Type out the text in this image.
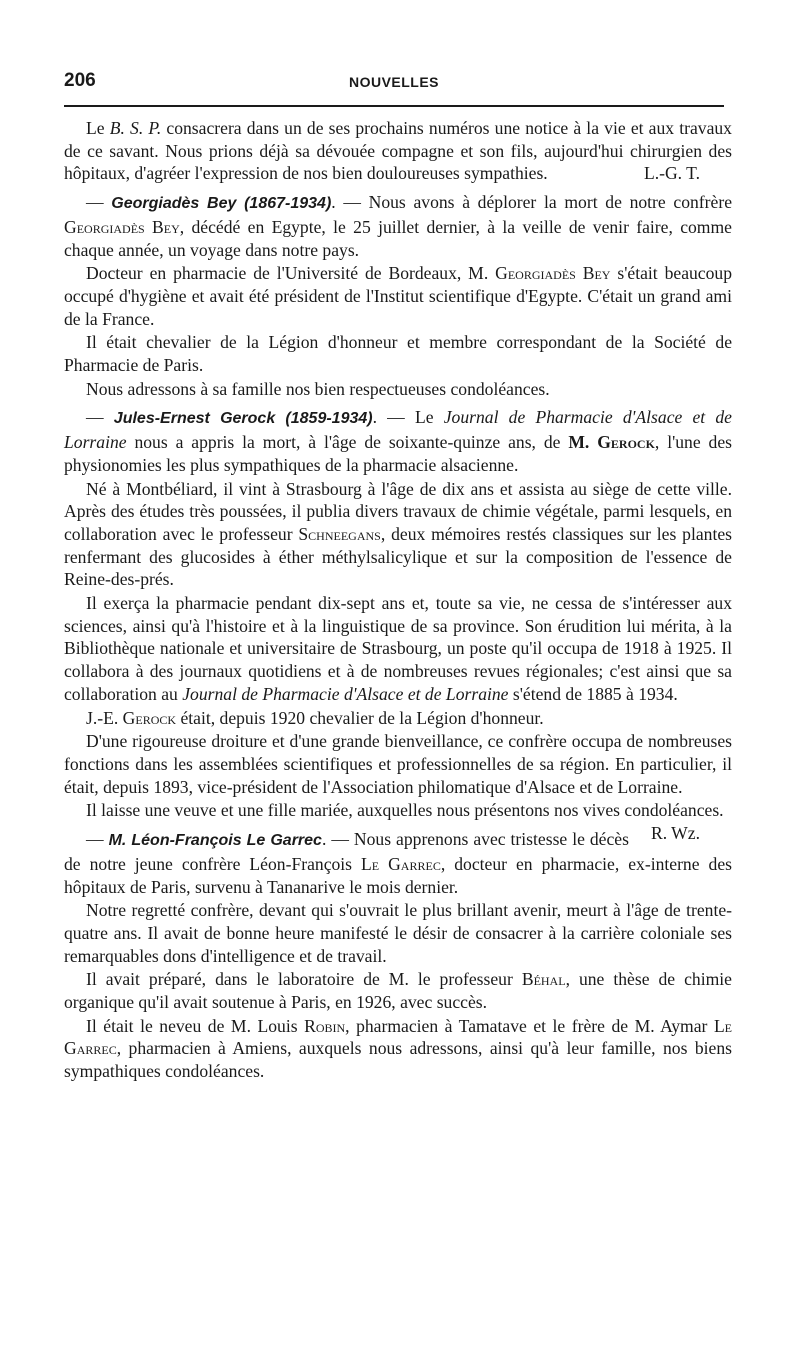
206	NOUVELLES

Le B. S. P. consacrera dans un de ses prochains numéros une notice à la vie et aux travaux de ce savant. Nous prions déjà sa dévouée compagne et son fils, aujourd'hui chirurgien des hôpitaux, d'agréer l'expression de nos bien douloureuses sympathies.	L.-G. T.

— Georgiadès Bey (1867-1934). — Nous avons à déplorer la mort de notre confrère Georgiadès Bey, décédé en Egypte, le 25 juillet dernier, à la veille de venir faire, comme chaque année, un voyage dans notre pays.

Docteur en pharmacie de l'Université de Bordeaux, M. Georgiadès Bey s'était beaucoup occupé d'hygiène et avait été président de l'Institut scientifique d'Egypte. C'était un grand ami de la France.

Il était chevalier de la Légion d'honneur et membre correspondant de la Société de Pharmacie de Paris.

Nous adressons à sa famille nos bien respectueuses condoléances.

— Jules-Ernest Gerock (1859-1934). — Le Journal de Pharmacie d'Alsace et de Lorraine nous a appris la mort, à l'âge de soixante-quinze ans, de M. Gerock, l'une des physionomies les plus sympathiques de la pharmacie alsacienne.

Né à Montbéliard, il vint à Strasbourg à l'âge de dix ans et assista au siège de cette ville. Après des études très poussées, il publia divers travaux de chimie végétale, parmi lesquels, en collaboration avec le professeur Schneegans, deux mémoires restés classiques sur les plantes renfermant des glucosides à éther méthylsalicylique et sur la composition de l'essence de Reine-des-prés.

Il exerça la pharmacie pendant dix-sept ans et, toute sa vie, ne cessa de s'intéresser aux sciences, ainsi qu'à l'histoire et à la linguistique de sa province. Son érudition lui mérita, à la Bibliothèque nationale et universitaire de Strasbourg, un poste qu'il occupa de 1918 à 1925. Il collabora à des journaux quotidiens et à de nombreuses revues régionales; c'est ainsi que sa collaboration au Journal de Pharmacie d'Alsace et de Lorraine s'étend de 1885 à 1934.

J.-E. Gerock était, depuis 1920 chevalier de la Légion d'honneur.

D'une rigoureuse droiture et d'une grande bienveillance, ce confrère occupa de nombreuses fonctions dans les assemblées scientifiques et professionnelles de sa région. En particulier, il était, depuis 1893, vice-président de l'Association philomatique d'Alsace et de Lorraine.

Il laisse une veuve et une fille mariée, auxquelles nous présentons nos vives condoléances.
R. Wz.

— M. Léon-François Le Garrec. — Nous apprenons avec tristesse le décès de notre jeune confrère Léon-François Le Garrec, docteur en pharmacie, ex-interne des hôpitaux de Paris, survenu à Tananarive le mois dernier.

Notre regretté confrère, devant qui s'ouvrait le plus brillant avenir, meurt à l'âge de trente-quatre ans. Il avait de bonne heure manifesté le désir de consacrer à la carrière coloniale ses remarquables dons d'intelligence et de travail.

Il avait préparé, dans le laboratoire de M. le professeur Béhal, une thèse de chimie organique qu'il avait soutenue à Paris, en 1926, avec succès.

Il était le neveu de M. Louis Robin, pharmacien à Tamatave et le frère de M. Aymar Le Garrec, pharmacien à Amiens, auxquels nous adressons, ainsi qu'à leur famille, nos biens sympathiques condoléances.
